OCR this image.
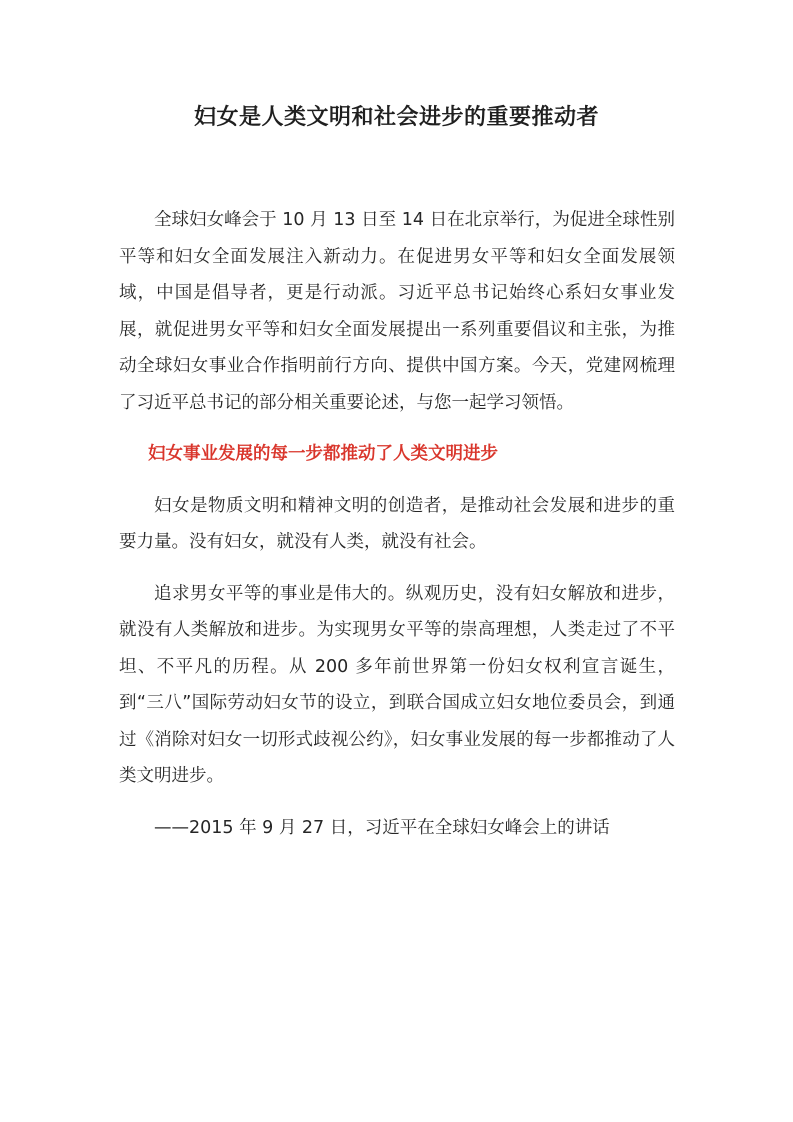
妇女是人类文明和社会进步的重要推动者

全球妇女峰会于 10 月 13 日至 14 日在北京举行，为促进全球性别平等和妇女全面发展注入新动力。在促进男女平等和妇女全面发展领域，中国是倡导者，更是行动派。习近平总书记始终心系妇女事业发展，就促进男女平等和妇女全面发展提出一系列重要倡议和主张，为推动全球妇女事业合作指明前行方向、提供中国方案。今天，党建网梳理了习近平总书记的部分相关重要论述，与您一起学习领悟。

妇女事业发展的每一步都推动了人类文明进步

妇女是物质文明和精神文明的创造者，是推动社会发展和进步的重要力量。没有妇女，就没有人类，就没有社会。

追求男女平等的事业是伟大的。纵观历史，没有妇女解放和进步，就没有人类解放和进步。为实现男女平等的崇高理想，人类走过了不平坦、不平凡的历程。从 200 多年前世界第一份妇女权利宣言诞生，到“三八”国际劳动妇女节的设立，到联合国成立妇女地位委员会，到通过《消除对妇女一切形式歧视公约》，妇女事业发展的每一步都推动了人类文明进步。

——2015 年 9 月 27 日，习近平在全球妇女峰会上的讲话
